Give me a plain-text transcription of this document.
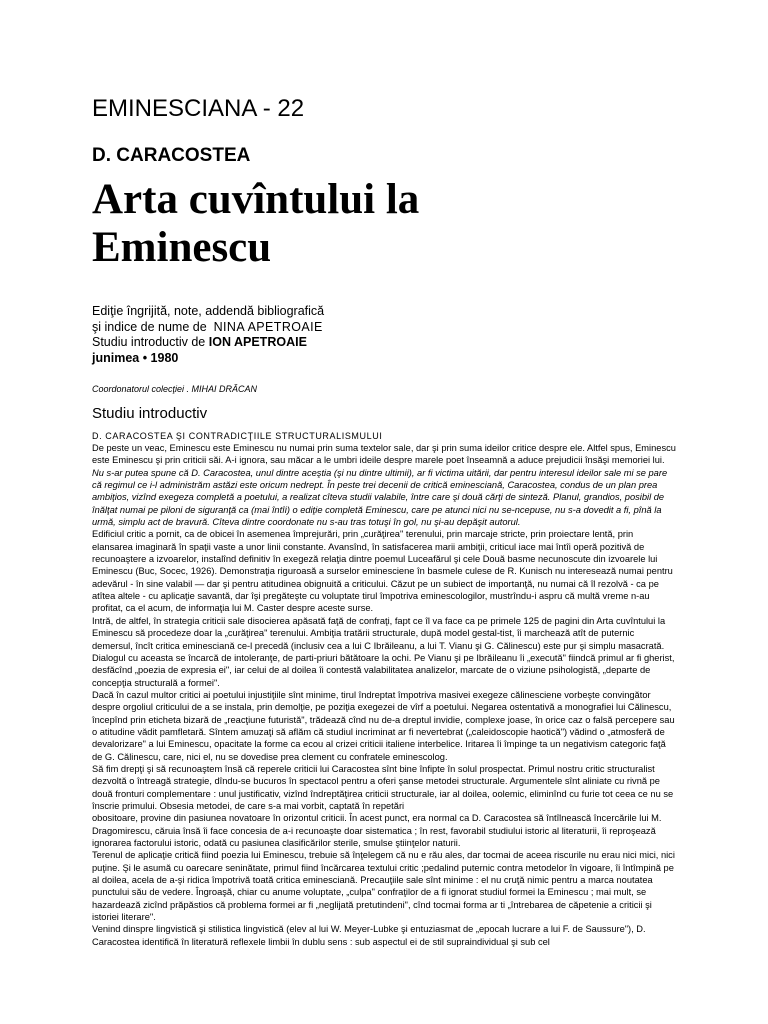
EMINESCIANA - 22
D. CARACOSTEA
Arta cuvîntului la
Eminescu
Ediţie îngrijită, note, addendă bibliografică
şi indice de nume de NINA APETROAIE
Studiu introductiv de ION APETROAIE
junimea • 1980
Coordonatorul colecţiei . MIHAI DRĂCAN
Studiu introductiv
D. CARACOSTEA ŞI CONTRADICŢIILE STRUCTURALISMULUI

De peste un veac, Eminescu este Eminescu nu numai prin suma textelor sale, dar şi prin suma ideilor critice despre ele. Altfel spus, Eminescu este Eminescu şi prin criticii săi. A-i ignora, sau măcar a le umbri ideile despre marele poet înseamnă a aduce prejudicii însăşi memoriei lui.

Nu s-ar putea spune că D. Caracostea, unul dintre aceştia (şi nu dintre ultimii), ar fi victima uitării, dar pentru interesul ideilor sale mi se pare că regimul ce i-l administrăm astăzi este oricum nedrept. În peste trei decenii de critică eminesciană, Caracostea, condus de un plan prea ambiţios, vizînd exegeza completă a poetului, a realizat cîteva studii valabile, între care şi două cărţi de sinteză. Planul, grandios, posibil de înălţat numai pe piloni de siguranţă ca (mai întîi) o ediţie completă Eminescu, care pe atunci nici nu se-ncepuse, nu s-a dovedit a fi, pînă la urmă, simplu act de bravură. Cîteva dintre coordonate nu s-au tras totuşi în gol, nu şi-au depăşit autorul.

Edificiul critic a pornit, ca de obicei în asemenea împrejurări, prin „curăţirea" terenului, prin marcaje stricte, prin proiectare lentă, prin elansarea imaginară în spaţii vaste a unor linii constante. Avansînd, în satisfacerea marii ambiţii, criticul iace mai întîi operă pozitivă de recunoaştere a izvoarelor, instalînd definitiv în exegeză relaţia dintre poemul Luceafărul şi cele Două basme necunoscute din izvoarele lui Eminescu (Buc, Socec, 1926). Demonstraţia riguroasă a surselor eminesciene în basmele culese de R. Kunisch nu interesează numai pentru adevărul - în sine valabil — dar şi pentru atitudinea obignuită a criticului. Căzut pe un subiect de importanţă, nu numai că îl rezolvă - ca pe atîtea altele - cu aplicaţie savantă, dar îşi pregăteşte cu voluptate tirul împotriva eminescologilor, mustrîndu-i aspru că multă vreme n-au profitat, ca el acum, de informaţia lui M. Caster despre aceste surse.

Intră, de altfel, în strategia criticii sale disocierea apăsată faţă de confraţi, fapt ce îl va face ca pe primele 125 de pagini din Arta cuvîntului la Eminescu să procedeze doar la „curăţirea" terenului. Ambiţia tratării structurale, după model gestal-tist, îi marchează atît de puternic demersul, încît critica eminesciană ce-l precedă (inclusiv cea a lui C Ibrăileanu, a lui T. Vianu şi G. Călinescu) este pur şi simplu masacrată. Dialogul cu aceasta se încarcă de intoleranţe, de parti-priuri bătătoare la ochi. Pe Vianu şi pe Ibrăileanu îi „execută" fiindcă primul ar fi gherist, desfăcînd „poezia de expresia ei", iar celui de al doilea îi contestă valabilitatea analizelor, marcate de o viziune psihologistă, „departe de concepţia structurală a formei".

Dacă în cazul multor critici ai poetului injustiţiile sînt minime, tirul îndreptat împotriva masivei exegeze călinesciene vorbeşte convingător despre orgoliul criticului de a se instala, prin demolţie, pe poziţia exegezei de vîrf a poetului. Negarea ostentativă a monografiei lui Călinescu, începînd prin eticheta bizară de „reacţiune futuristă", trădează cînd nu de-a dreptul invidie, complexe joase, în orice caz o falsă percepere sau o atitudine vădit pamfletară. Sîntem amuzaţi să aflăm că studiul incriminat ar fi nevertebrat („caleidoscopie haotică") vădind o „atmosferă de devalorizare" a lui Eminescu, opacitate la forme ca ecou al crizei criticii italiene interbelice. Iritarea îi împinge ta un negativism categoric faţă de G. Călinescu, care, nici el, nu se dovedise prea clement cu confratele eminescolog.

Să fim drepţi şi să recunoaştem însă că reperele criticii lui Caracostea sînt bine înfipte în solul prospectat. Primul nostru critic structuralist dezvoltă o întreagă strategie, dîndu-se bucuros în spectacol pentru a oferi şanse metodei structurale. Argumentele sînt aliniate cu rivnă pe două fronturi complementare : unul justificativ, vizînd îndreptăţirea criticii structurale, iar al doilea, oolemic, eliminînd cu furie tot ceea ce nu se înscrie primului. Obsesia metodei, de care s-a mai vorbit, captată în repetări

obositoare, provine din pasiunea novatoare în orizontul criticii. În acest punct, era normal ca D. Caracostea să întîlnească încercările lui M. Dragomirescu, căruia însă îi face concesia de a-i recunoaşte doar sistematica ; în rest, favorabil studiului istoric al literaturii, îi reproşează ignorarea factorului istoric, odată cu pasiunea clasificărilor sterile, smulse ştiinţelor naturii.

Terenul de aplicaţie critică fiind poezia lui Eminescu, trebuie să înţelegem că nu e rău ales, dar tocmai de aceea riscurile nu erau nici mici, nici puţine. Şi le asumă cu oarecare seninătate, primul fiind încărcarea textului critic ;pedalind puternic contra metodelor în vigoare, îi întîmpină pe al doilea, acela de a-şi ridica împotrivă toată critica eminesciană. Precauţiile sale sînt minime : el nu cruţă nimic pentru a marca noutatea punctului său de vedere. Îngroaşă, chiar cu anume voluptate, „culpa" confraţilor de a fi ignorat studiul formei la Eminescu ; mai mult, se hazardează zicînd prăpăstios că problema formei ar fi „neglijată pretutindeni", cînd tocmai forma ar ti „întrebarea de căpetenie a criticii şi istoriei literare".

Venind dinspre lingvistică şi stilistica lingvistică (elev al lui W. Meyer-Lubke şi entuziasmat de „epocah lucrare a lui F. de Saussure"), D. Caracostea identifică în literatură reflexele limbii în dublu sens : sub aspectul ei de stil supraindividual şi sub cel
